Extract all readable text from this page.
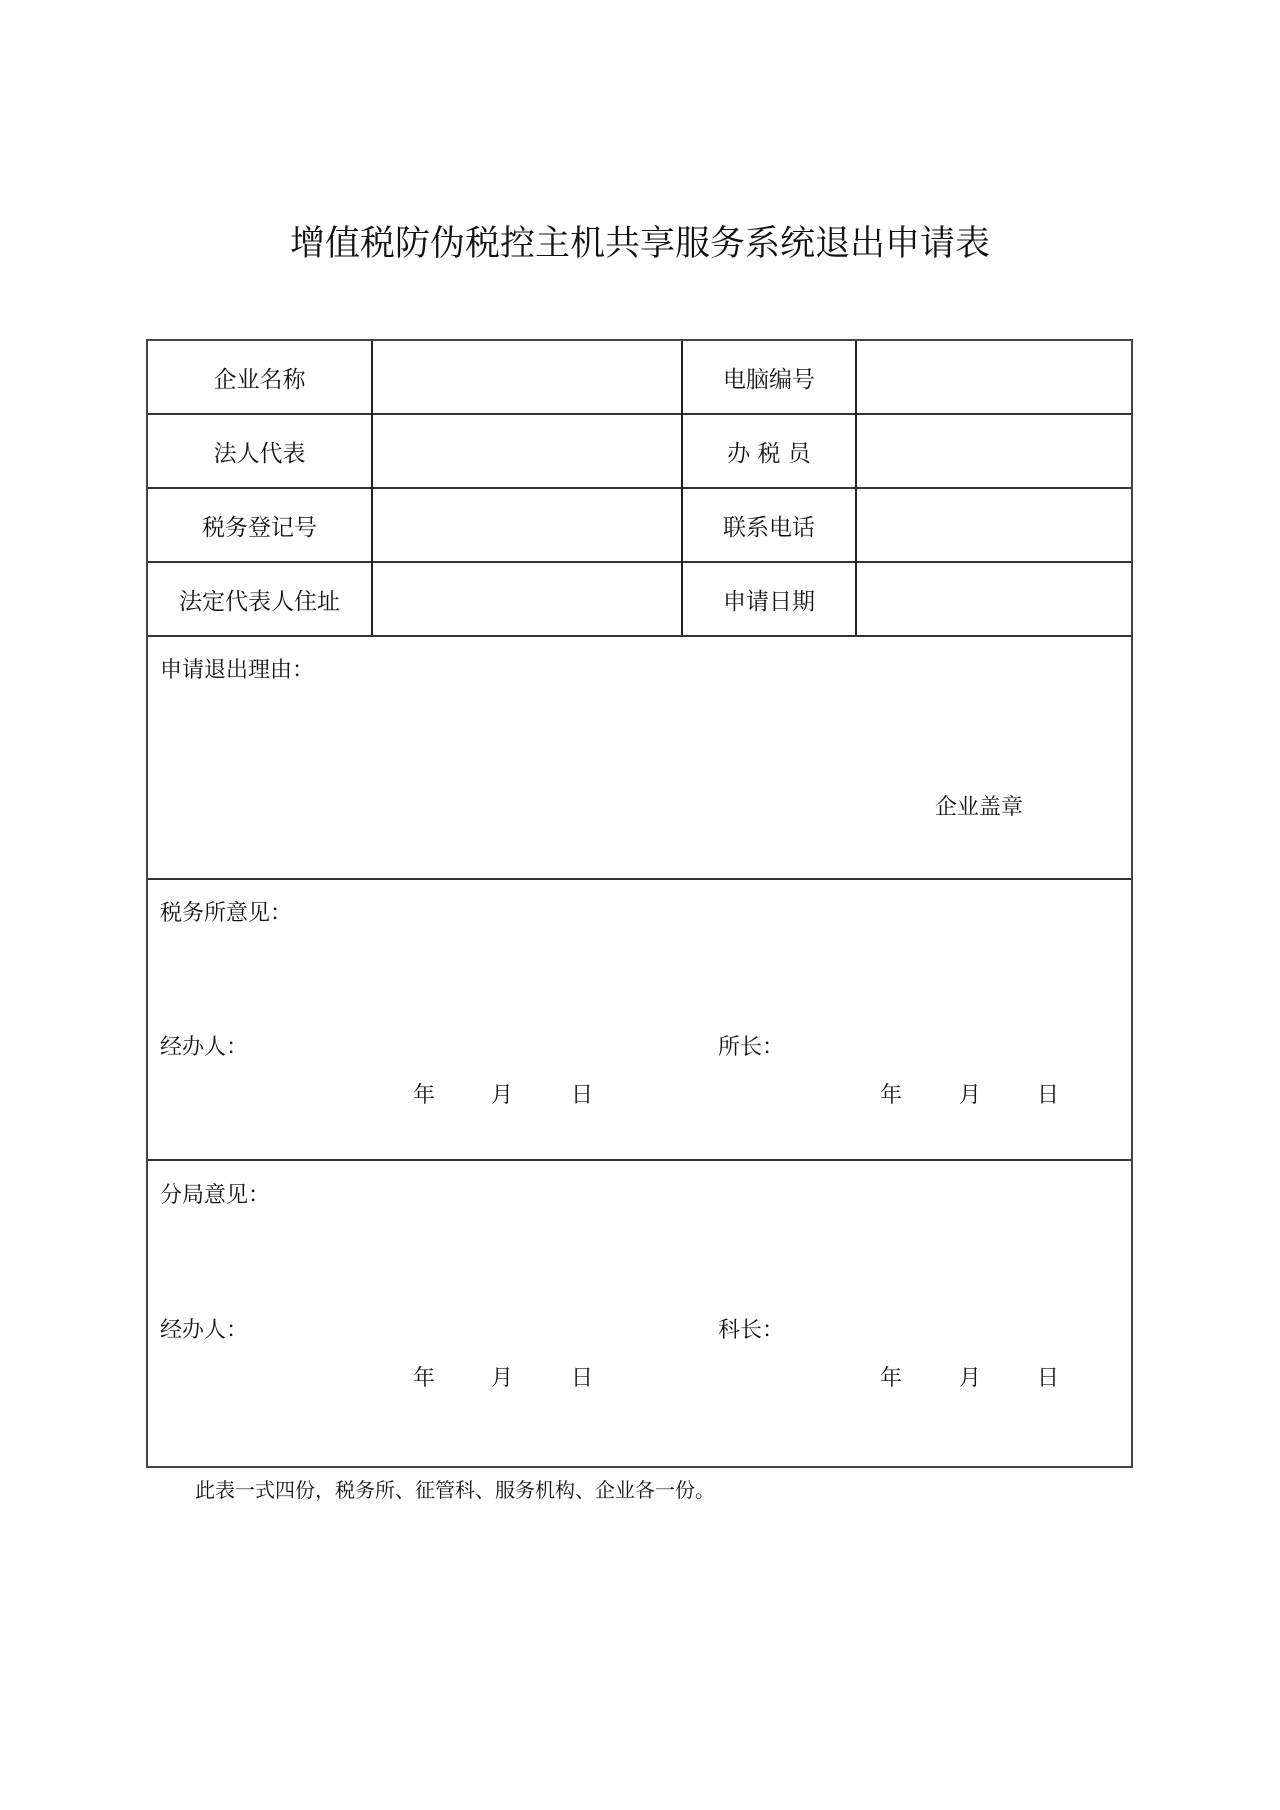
增值税防伪税控主机共享服务系统退出申请表
企业名称	电脑编号
法人代表	办 税 员
税务登记号	联系电话
法定代表人住址	申请日期
申请退出理由：
企业盖章
税务所意见：
经办人：	所长：
年	月	日	年	月	日
分局意见：
经办人：	科长：
年	月	日	年	月	日
此表一式四份，税务所、征管科、服务机构、企业各一份。
